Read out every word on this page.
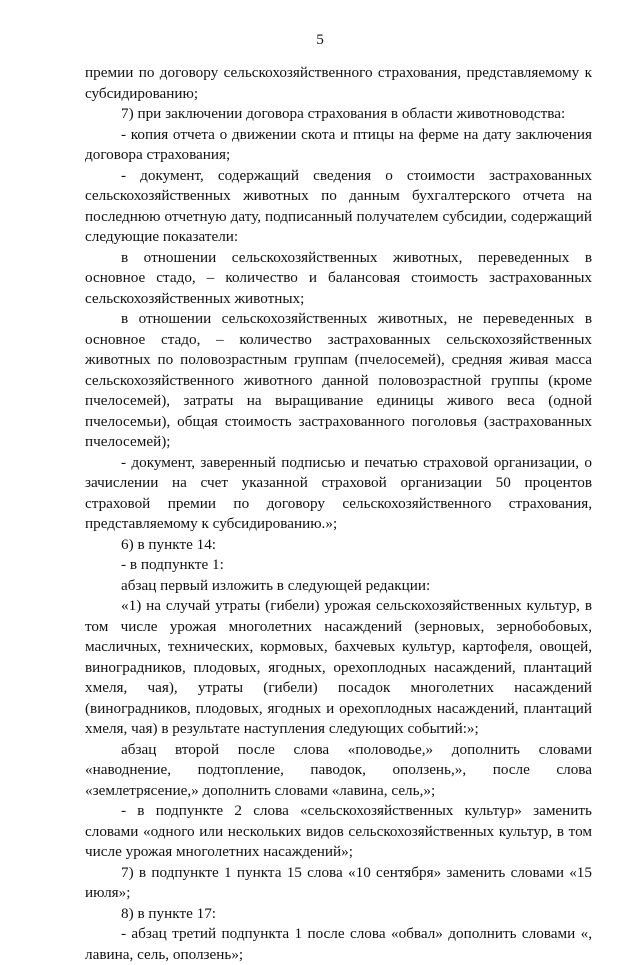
5

премии по договору сельскохозяйственного страхования, представляемому к субсидированию;

7) при заключении договора страхования в области животноводства:

- копия отчета о движении скота и птицы на ферме на дату заключения договора страхования;

- документ, содержащий сведения о стоимости застрахованных сельскохозяйственных животных по данным бухгалтерского отчета на последнюю отчетную дату, подписанный получателем субсидии, содержащий следующие показатели:

в отношении сельскохозяйственных животных, переведенных в основное стадо, – количество и балансовая стоимость застрахованных сельскохозяйственных животных;

в отношении сельскохозяйственных животных, не переведенных в основное стадо, – количество застрахованных сельскохозяйственных животных по половозрастным группам (пчелосемей), средняя живая масса сельскохозяйственного животного данной половозрастной группы (кроме пчелосемей), затраты на выращивание единицы живого веса (одной пчелосемьи), общая стоимость застрахованного поголовья (застрахованных пчелосемей);

- документ, заверенный подписью и печатью страховой организации, о зачислении на счет указанной страховой организации 50 процентов страховой премии по договору сельскохозяйственного страхования, представляемому к субсидированию.»;

6) в пункте 14:

- в подпункте 1:

абзац первый изложить в следующей редакции:

«1) на случай утраты (гибели) урожая сельскохозяйственных культур, в том числе урожая многолетних насаждений (зерновых, зернобобовых, масличных, технических, кормовых, бахчевых культур, картофеля, овощей, виноградников, плодовых, ягодных, орехоплодных насаждений, плантаций хмеля, чая), утраты (гибели) посадок многолетних насаждений (виноградников, плодовых, ягодных и орехоплодных насаждений, плантаций хмеля, чая) в результате наступления следующих событий:»;

абзац второй после слова «половодье,» дополнить словами «наводнение, подтопление, паводок, оползень,», после слова «землетрясение,» дополнить словами «лавина, сель,»;

- в подпункте 2 слова «сельскохозяйственных культур» заменить словами «одного или нескольких видов сельскохозяйственных культур, в том числе урожая многолетних насаждений»;

7) в подпункте 1 пункта 15 слова «10 сентября» заменить словами «15 июля»;

8) в пункте 17:

- абзац третий подпункта 1 после слова «обвал» дополнить словами «, лавина, сель, оползень»;
